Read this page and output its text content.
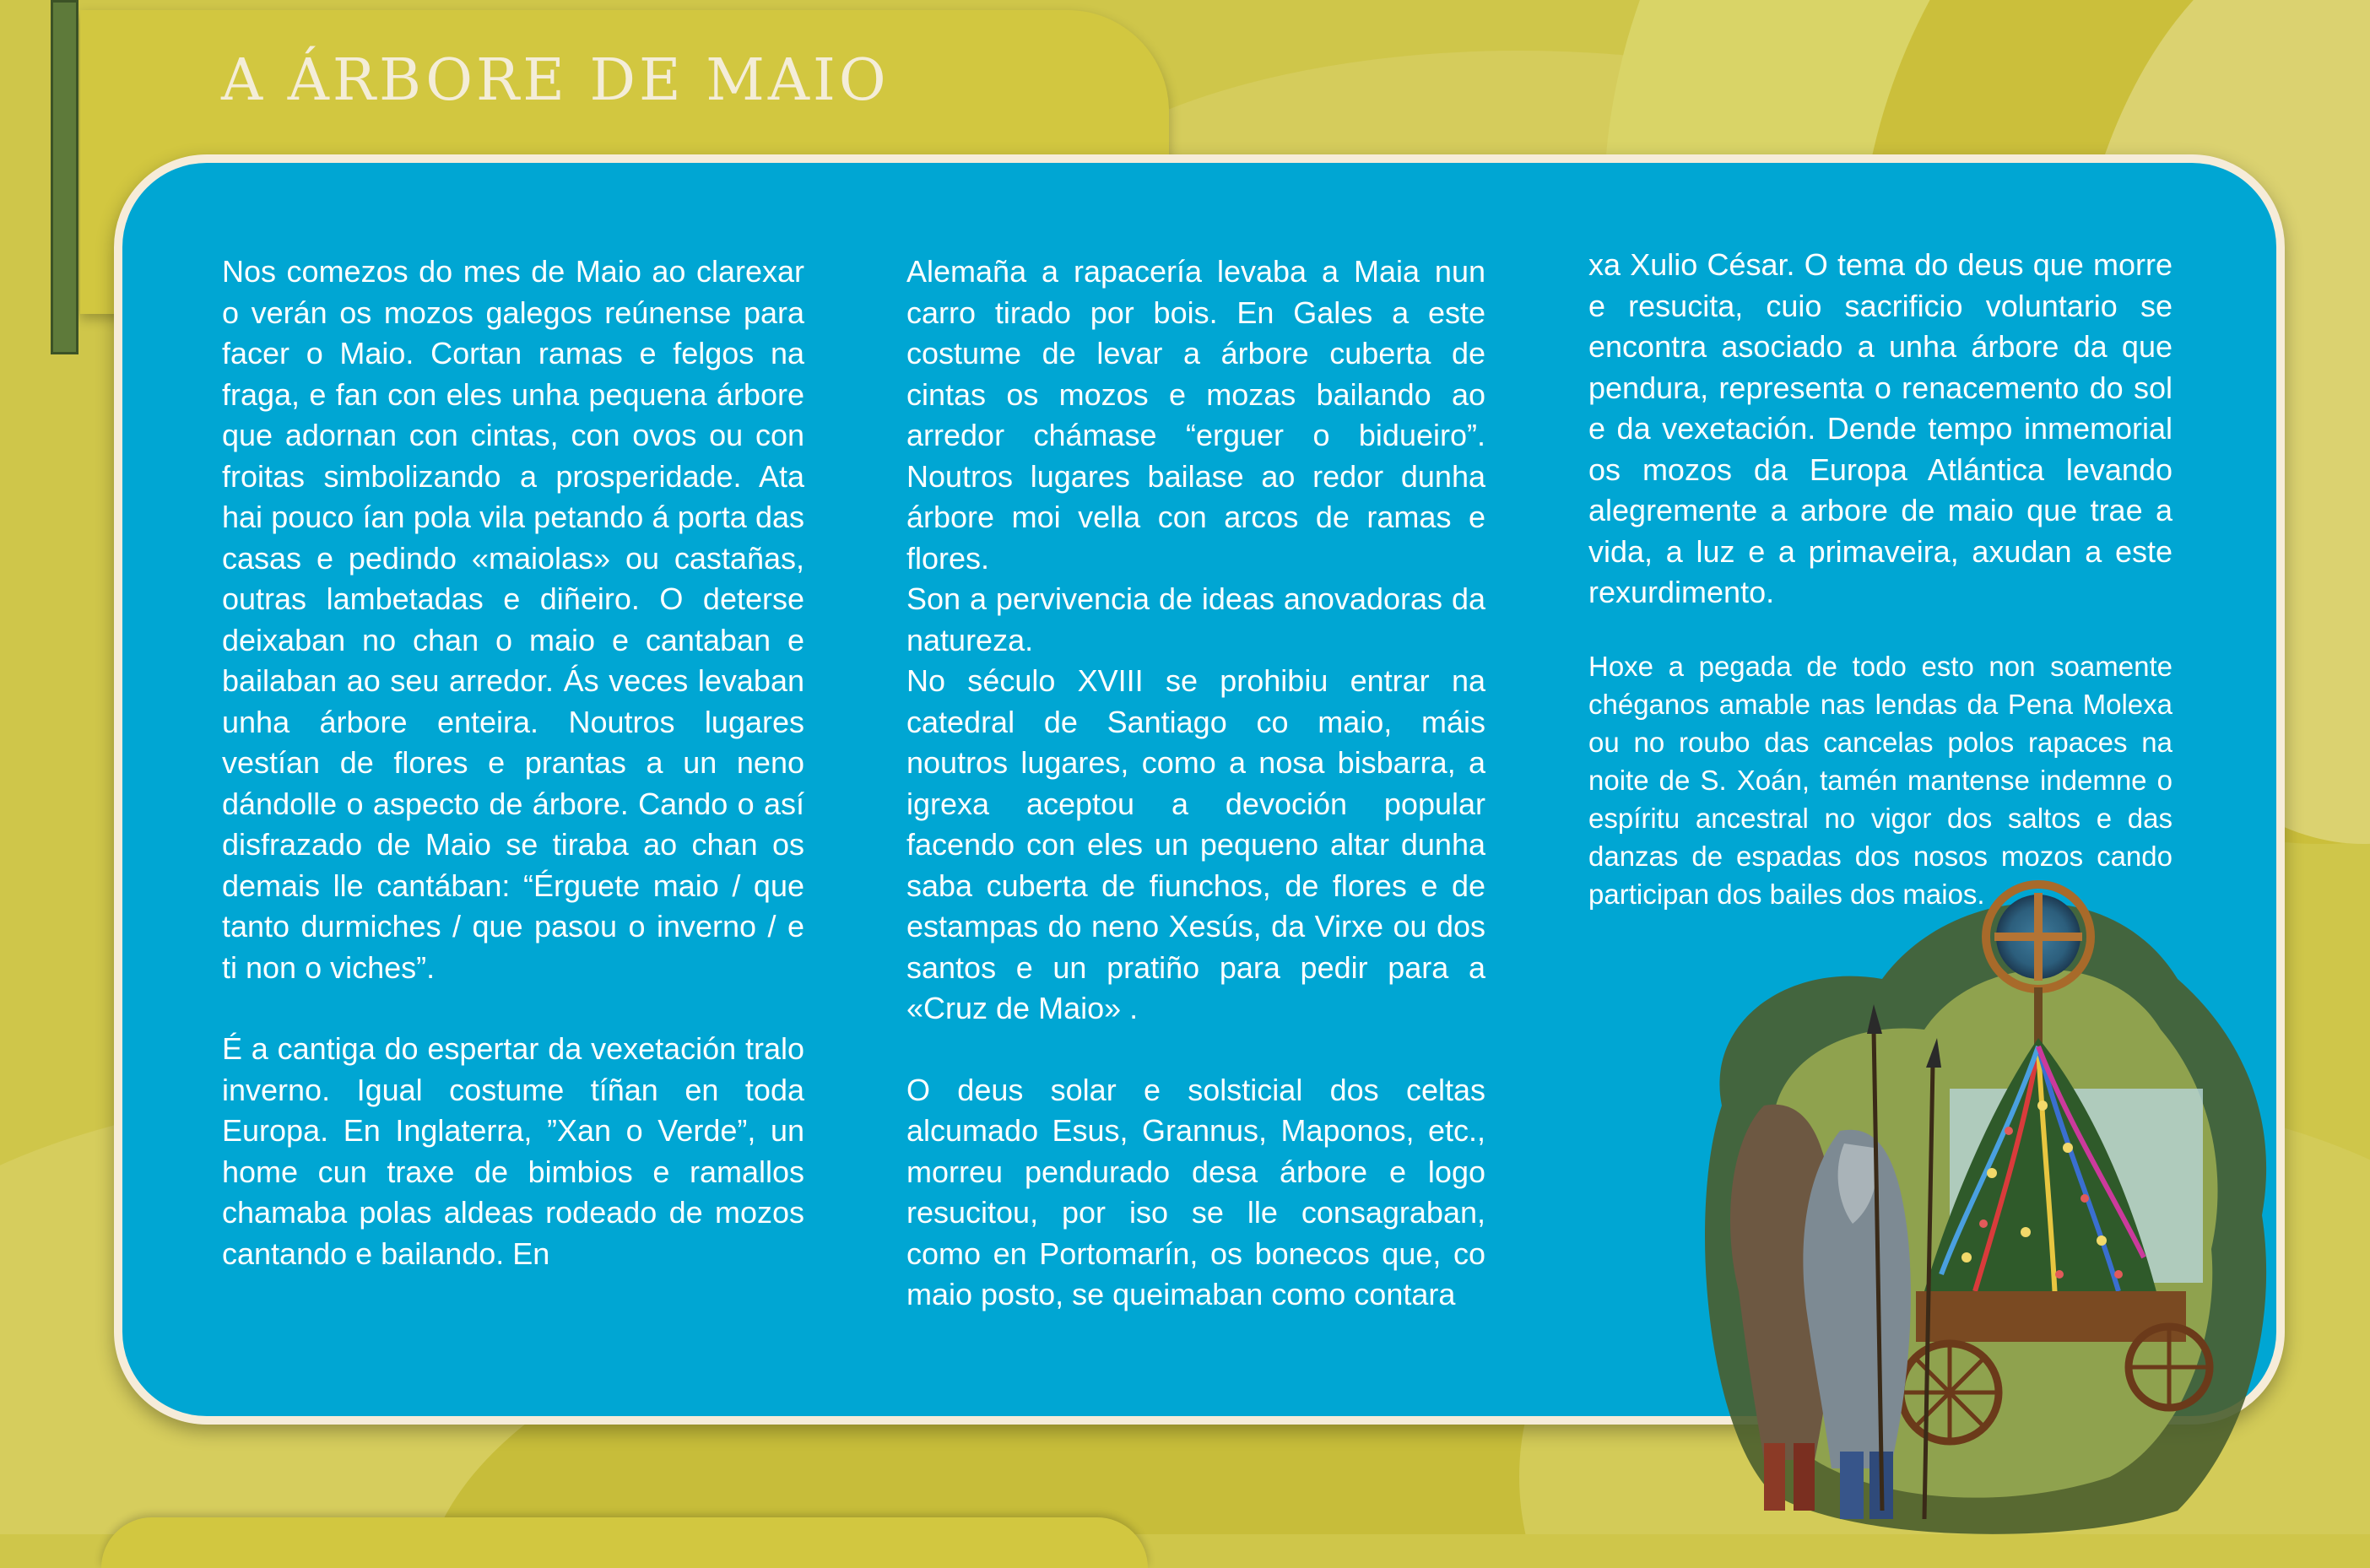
A ÁRBORE DE MAIO

Nos comezos do mes de Maio ao clarexar o verán os mozos galegos reúnense para facer o Maio. Cortan ramas e felgos na fraga, e fan con eles unha pequena árbore que adornan con cintas, con ovos ou con froitas simbolizando a prosperidade. Ata hai pouco ían pola vila petando á porta das casas e pedindo «maiolas» ou castañas, outras lambetadas e diñeiro. O deterse deixaban no chan o maio e cantaban e bailaban ao seu arredor. Ás veces levaban unha árbore enteira. Noutros lugares vestían de flores e prantas a un neno dándolle o aspecto de árbore. Cando o así disfrazado de Maio se tiraba ao chan os demais lle cantában: “Érguete maio / que tanto durmiches / que pasou o inverno / e ti non o viches”.

É a cantiga do espertar da vexetación tralo inverno. Igual costume tíñan en toda Europa. En Inglaterra, ”Xan o Verde”, un home cun traxe de bimbios e ramallos chamaba polas aldeas rodeado de mozos cantando e bailando. En

Alemaña a rapacería levaba a Maia nun carro tirado por bois. En Gales a este costume de levar a árbore cuberta de cintas os mozos e mozas bailando ao arredor chámase “erguer o bidueiro”. Noutros lugares bailase ao redor dunha árbore moi vella con arcos de ramas e flores.

Son a pervivencia de ideas anovadoras da natureza.

No século XVIII se prohibiu entrar na catedral de Santiago co maio, máis noutros lugares, como a nosa bisbarra, a igrexa aceptou a devoción popular facendo con eles un pequeno altar dunha saba cuberta de fiunchos, de flores e de estampas do neno Xesús, da Virxe ou dos santos e un pratiño para pedir para a «Cruz de Maio» .

O deus solar e solsticial dos celtas alcumado Esus, Grannus, Maponos, etc., morreu pendurado desa árbore e logo resucitou, por iso se lle consagraban, como en Portomarín, os bonecos que, co maio posto, se queimaban como contara

xa Xulio César. O tema do deus que morre e resucita, cuio sacrificio voluntario se encontra asociado a unha árbore da que pendura, representa o renacemento do sol e da vexetación. Dende tempo inmemorial os mozos da Europa Atlántica levando alegremente a arbore de maio que trae a vida, a luz e a primaveira, axudan a este rexurdimento.

Hoxe a pegada de todo esto non soamente chéganos amable nas lendas da Pena Molexa ou no roubo das cancelas polos rapaces na noite de S. Xoán, tamén mantense indemne o espíritu ancestral no vigor dos saltos e das danzas de espadas dos nosos mozos cando participan dos bailes dos maios.
